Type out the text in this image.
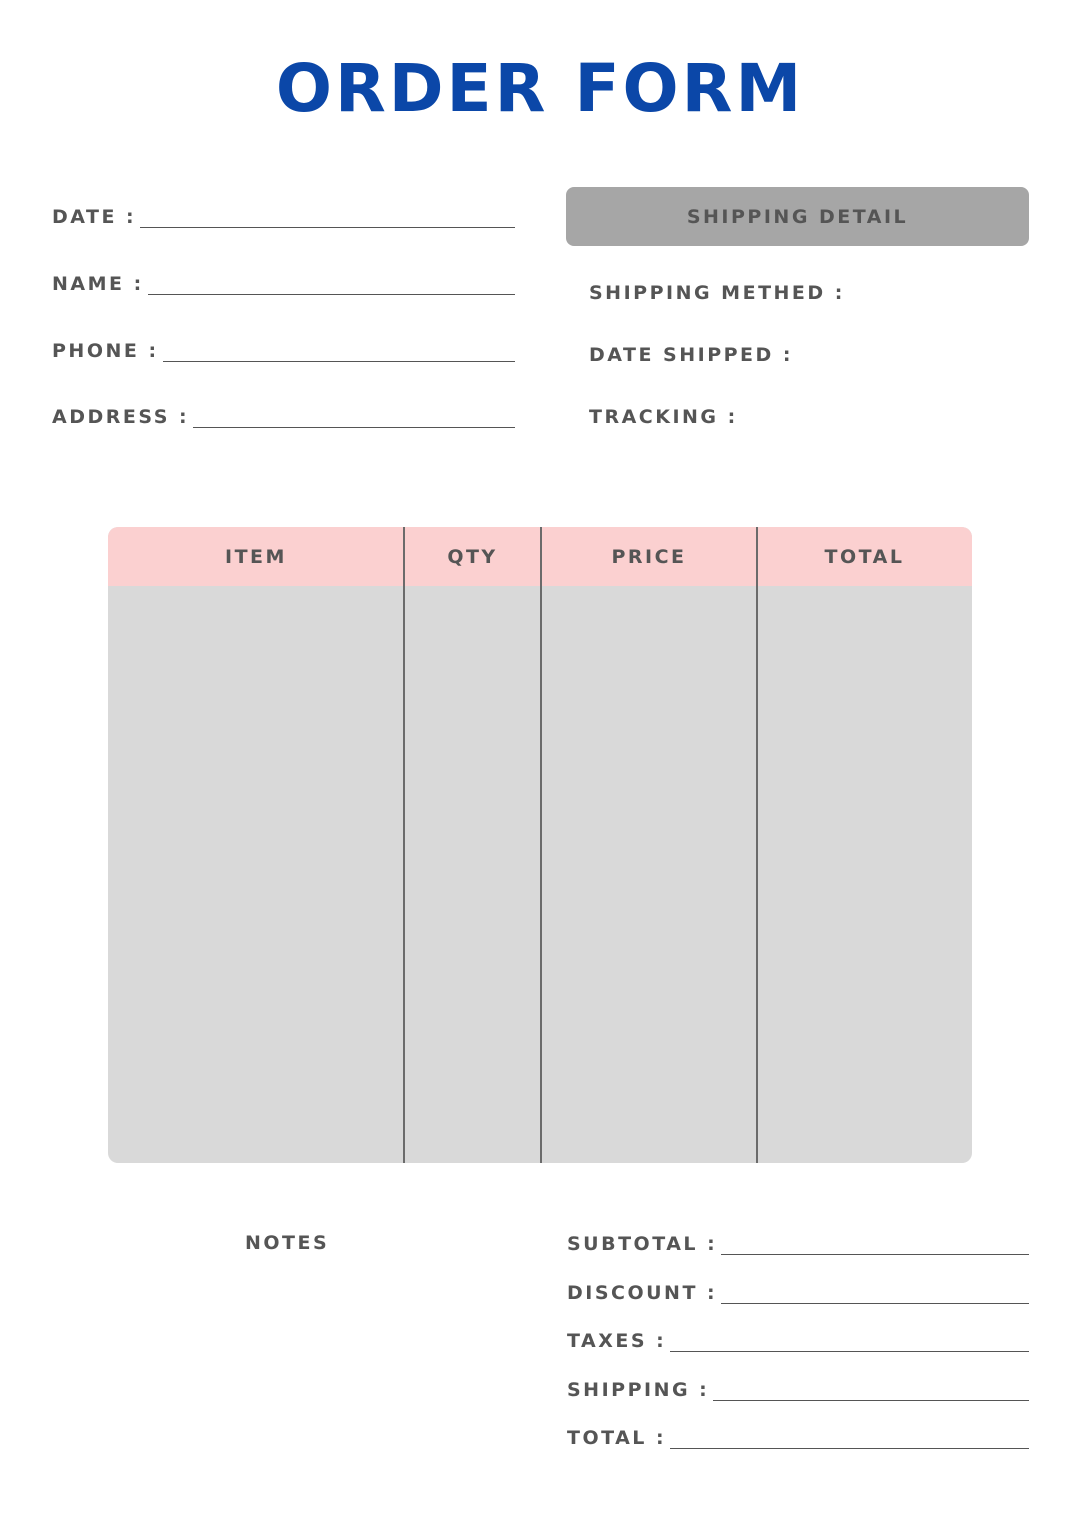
ORDER FORM
DATE :
NAME :
PHONE :
ADDRESS :
SHIPPING DETAIL
SHIPPING METHED :
DATE SHIPPED :
TRACKING :
ITEM	QTY	PRICE	TOTAL
NOTES	SUBTOTAL :
DISCOUNT :
TAXES :
SHIPPING :
TOTAL :
